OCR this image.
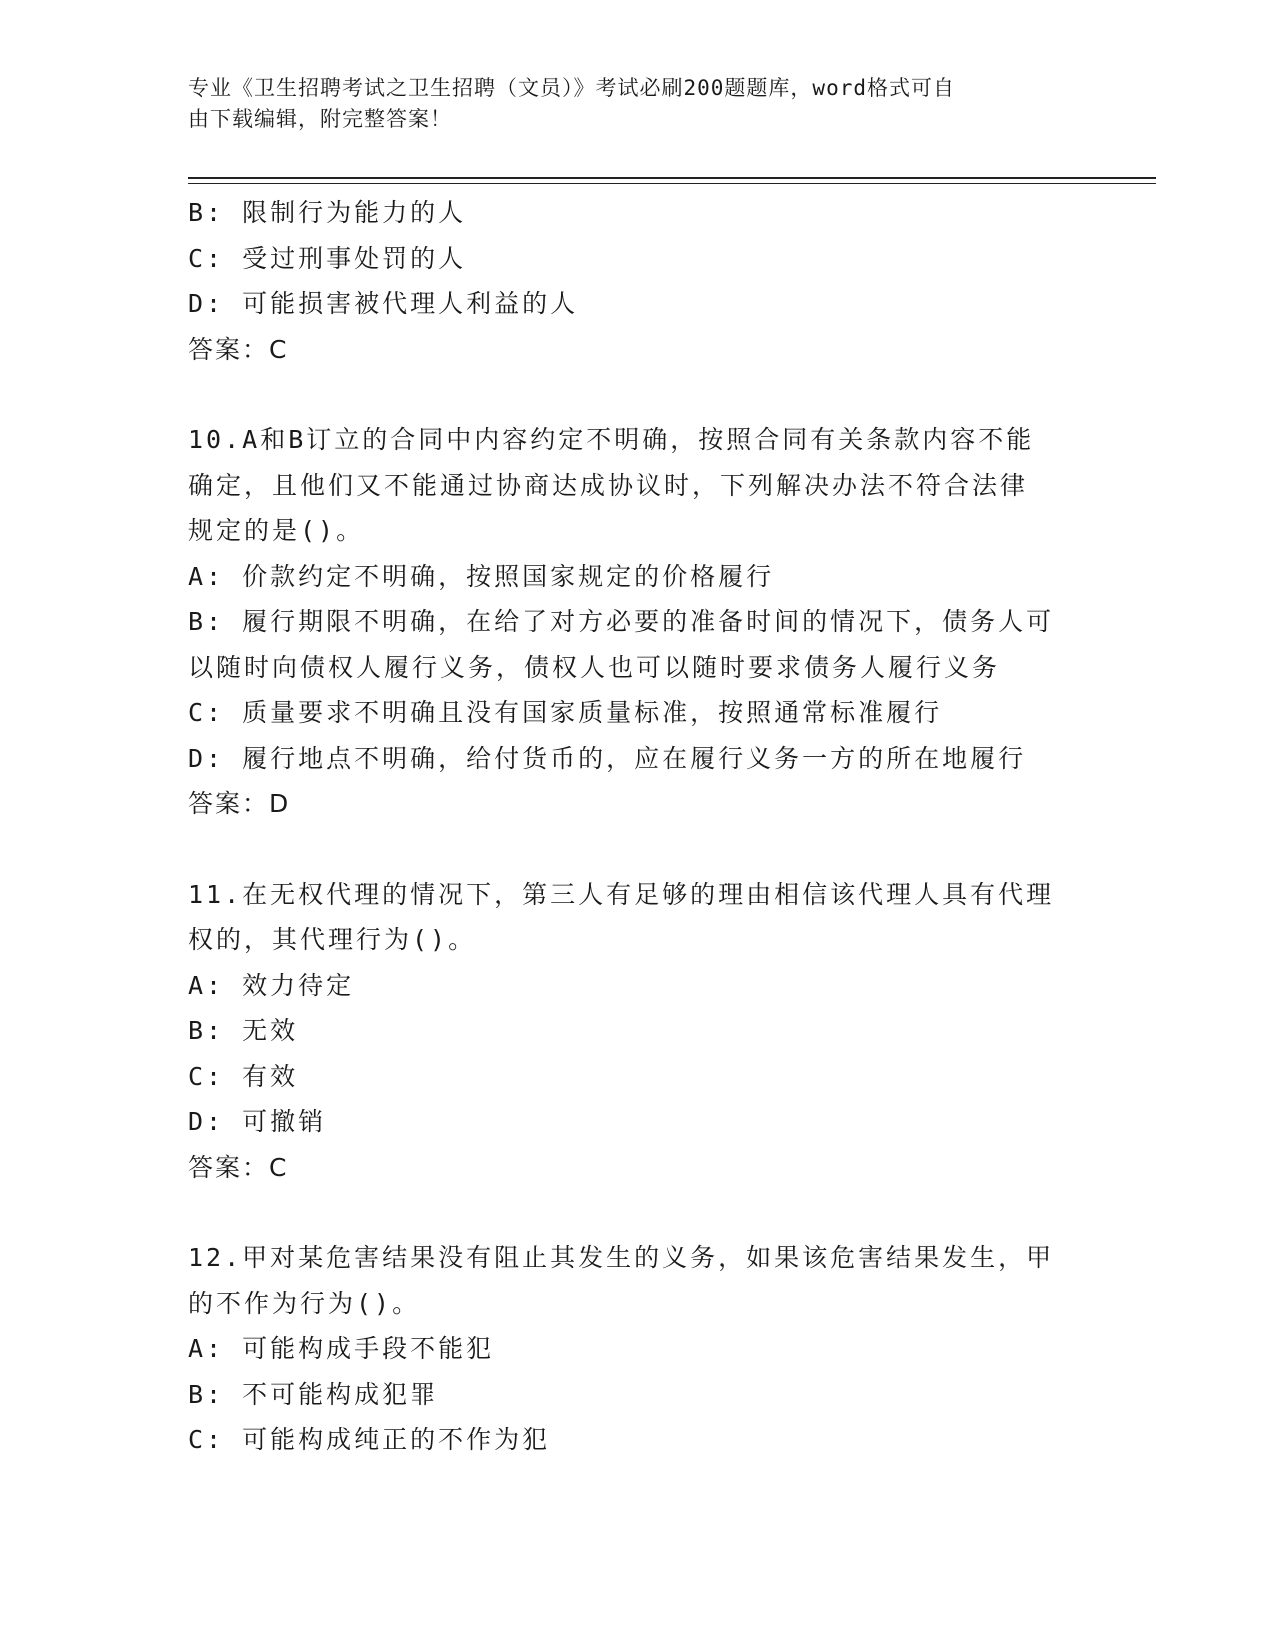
专业《卫生招聘考试之卫生招聘（文员）》考试必刷200题题库，word格式可自
由下载编辑，附完整答案！
B: 限制行为能力的人
C: 受过刑事处罚的人
D: 可能损害被代理人利益的人
答案：C
10.A和B订立的合同中内容约定不明确，按照合同有关条款内容不能
确定，且他们又不能通过协商达成协议时，下列解决办法不符合法律
规定的是()。
A: 价款约定不明确，按照国家规定的价格履行
B: 履行期限不明确，在给了对方必要的准备时间的情况下，债务人可
以随时向债权人履行义务，债权人也可以随时要求债务人履行义务
C: 质量要求不明确且没有国家质量标准，按照通常标准履行
D: 履行地点不明确，给付货币的，应在履行义务一方的所在地履行
答案：D
11.在无权代理的情况下，第三人有足够的理由相信该代理人具有代理
权的，其代理行为()。
A: 效力待定
B: 无效
C: 有效
D: 可撤销
答案：C
12.甲对某危害结果没有阻止其发生的义务，如果该危害结果发生，甲
的不作为行为()。
A: 可能构成手段不能犯
B: 不可能构成犯罪
C: 可能构成纯正的不作为犯
